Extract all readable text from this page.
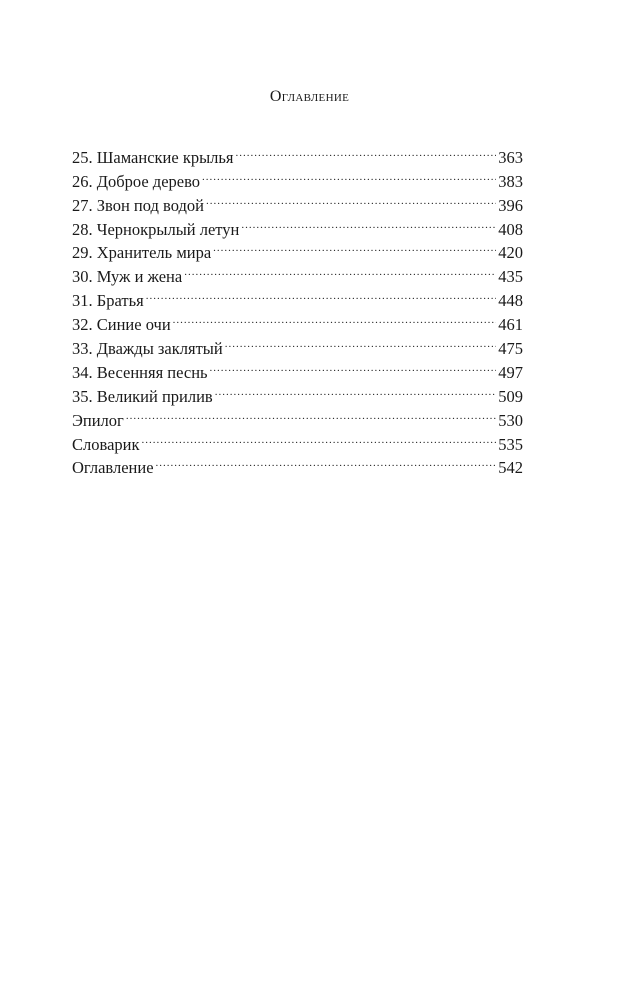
Оглавление
25. Шаманские крылья .....	363
26. Доброе дерево .....	383
27. Звон под водой .....	396
28. Чернокрылый летун .....	408
29. Хранитель мира .....	420
30. Муж и жена .....	435
31. Братья .....	448
32. Синие очи .....	461
33. Дважды заклятый .....	475
34. Весенняя песнь .....	497
35. Великий прилив .....	509
Эпилог .....	530
Словарик .....	535
Оглавление .....	542
